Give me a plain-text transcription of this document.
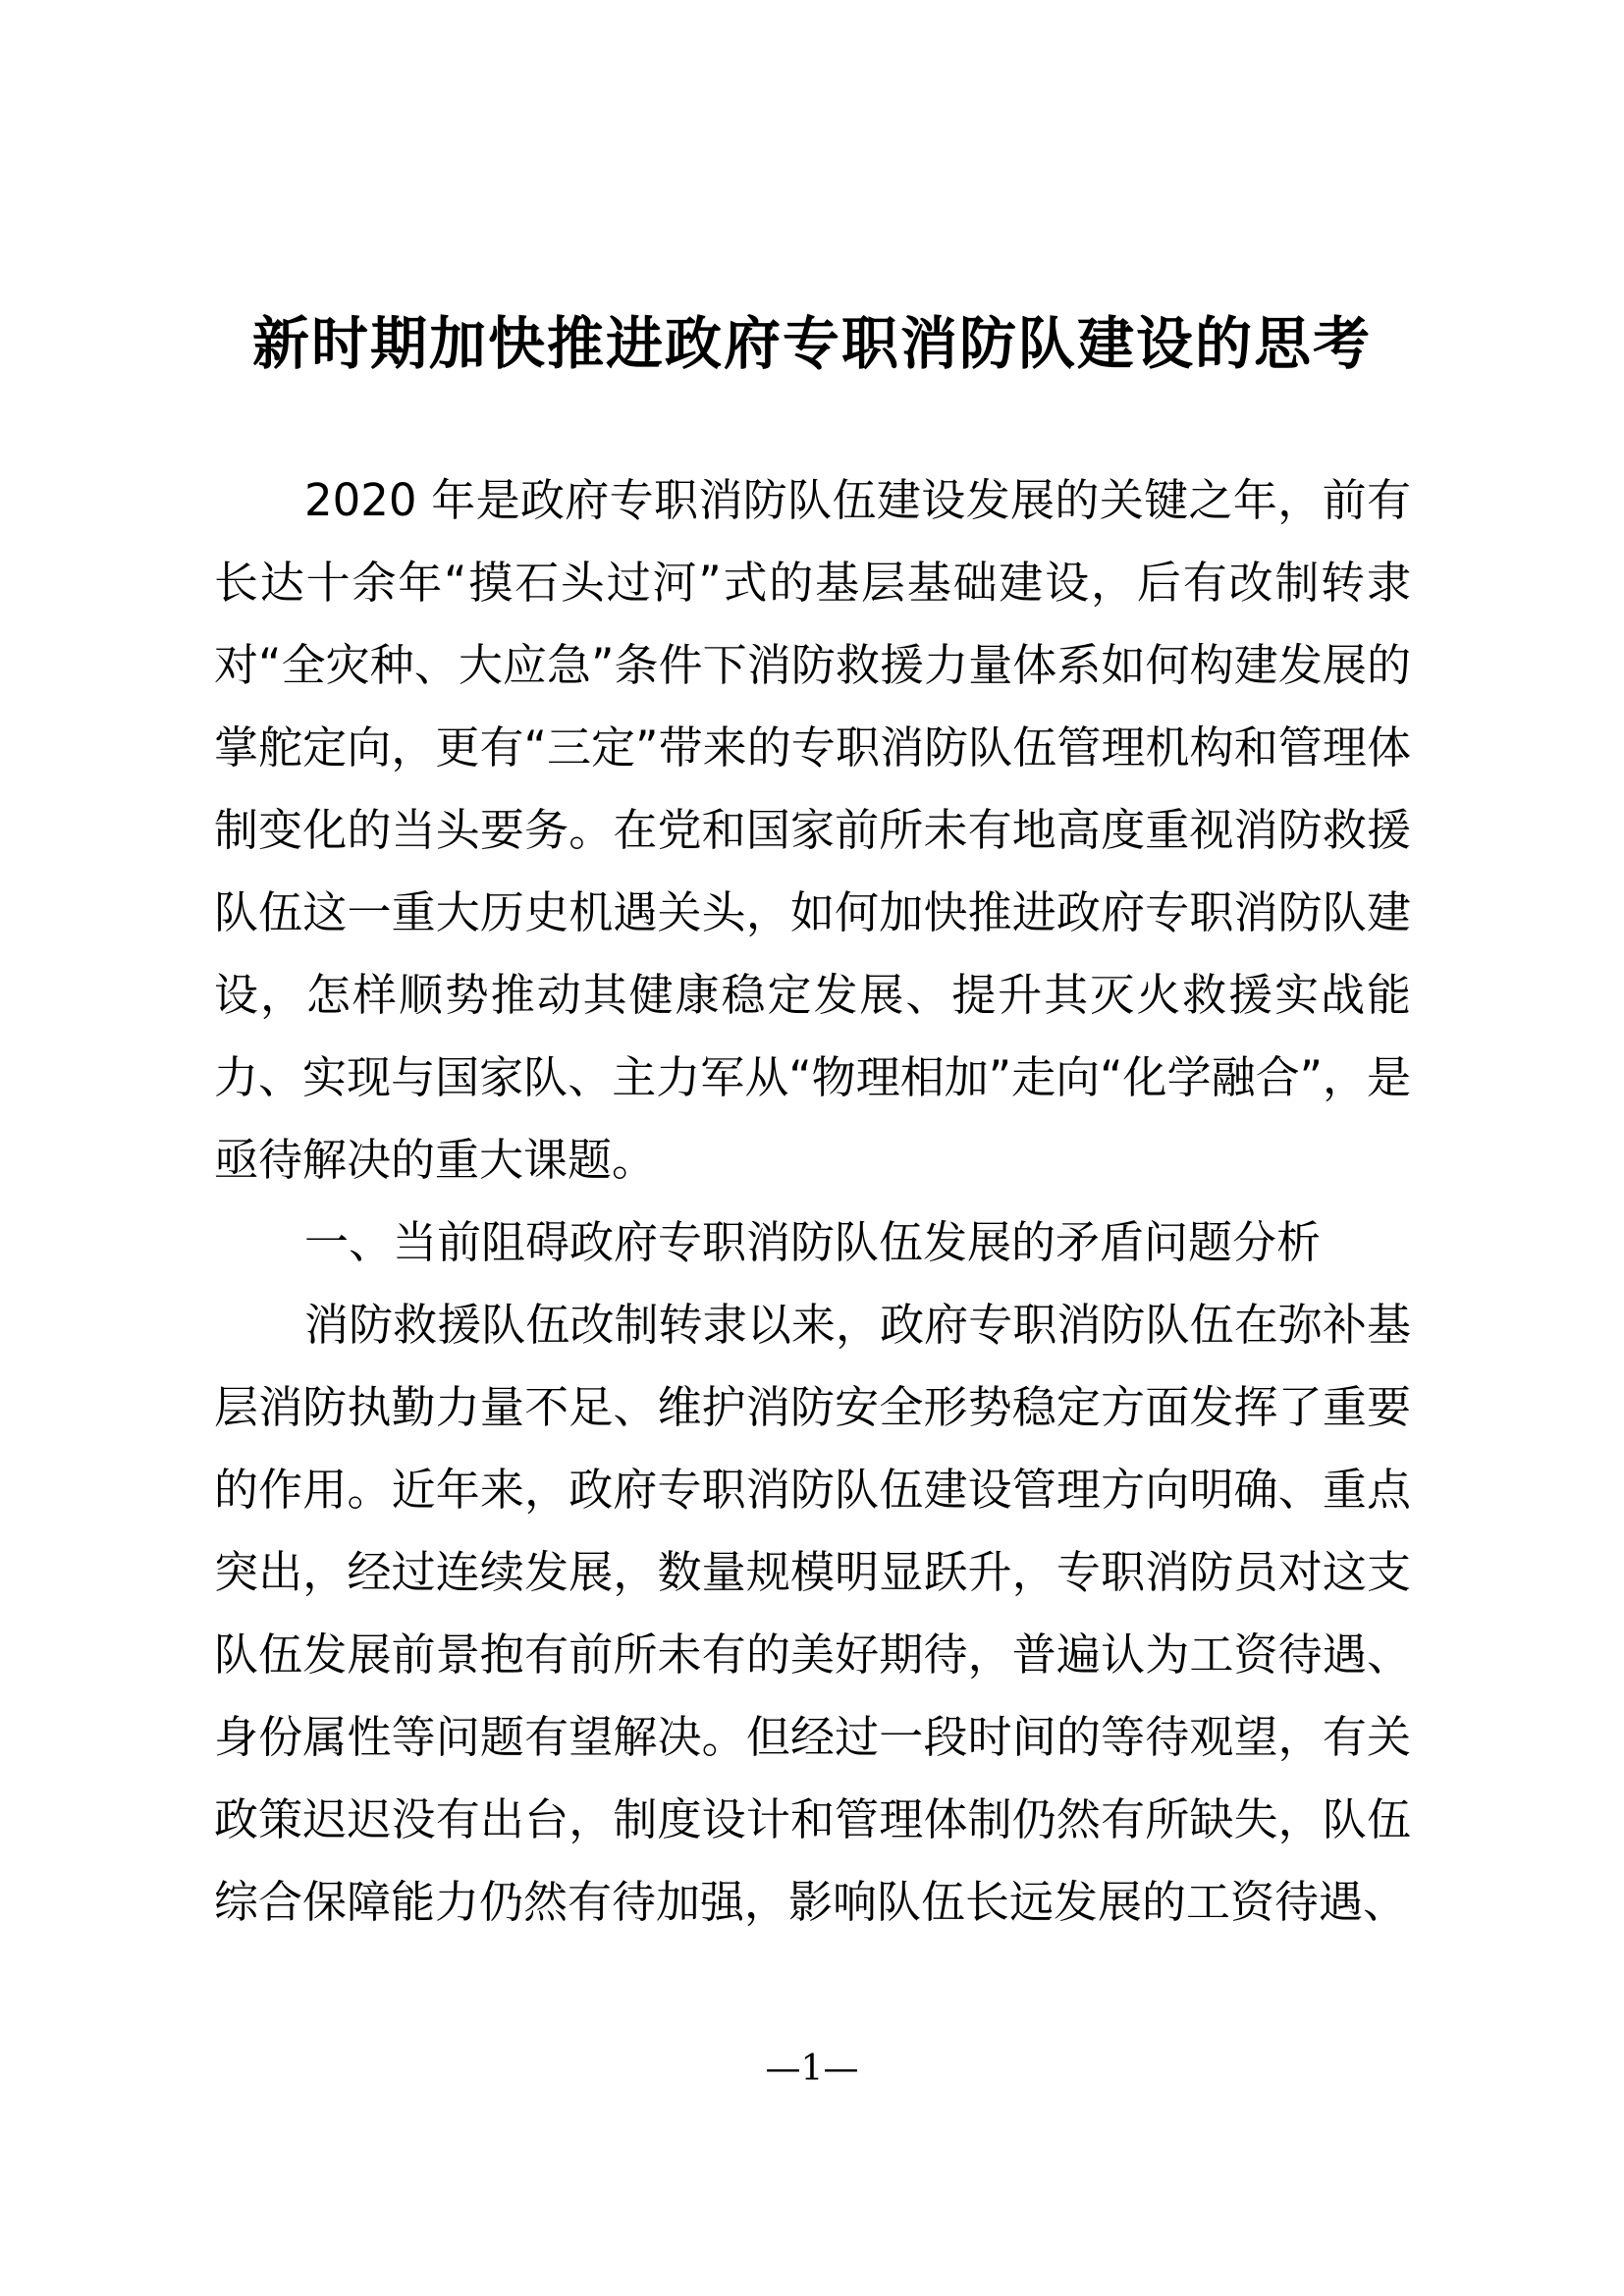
新时期加快推进政府专职消防队建设的思考

2020 年是政府专职消防队伍建设发展的关键之年，前有长达十余年“摸石头过河”式的基层基础建设，后有改制转隶对“全灾种、大应急”条件下消防救援力量体系如何构建发展的掌舵定向，更有“三定”带来的专职消防队伍管理机构和管理体制变化的当头要务。在党和国家前所未有地高度重视消防救援队伍这一重大历史机遇关头，如何加快推进政府专职消防队建设，怎样顺势推动其健康稳定发展、提升其灭火救援实战能力、实现与国家队、主力军从“物理相加”走向“化学融合”，是亟待解决的重大课题。

一、当前阻碍政府专职消防队伍发展的矛盾问题分析

消防救援队伍改制转隶以来，政府专职消防队伍在弥补基层消防执勤力量不足、维护消防安全形势稳定方面发挥了重要的作用。近年来，政府专职消防队伍建设管理方向明确、重点突出，经过连续发展，数量规模明显跃升，专职消防员对这支队伍发展前景抱有前所未有的美好期待，普遍认为工资待遇、身份属性等问题有望解决。但经过一段时间的等待观望，有关政策迟迟没有出台，制度设计和管理体制仍然有所缺失，队伍综合保障能力仍然有待加强，影响队伍长远发展的工资待遇、

—1—
